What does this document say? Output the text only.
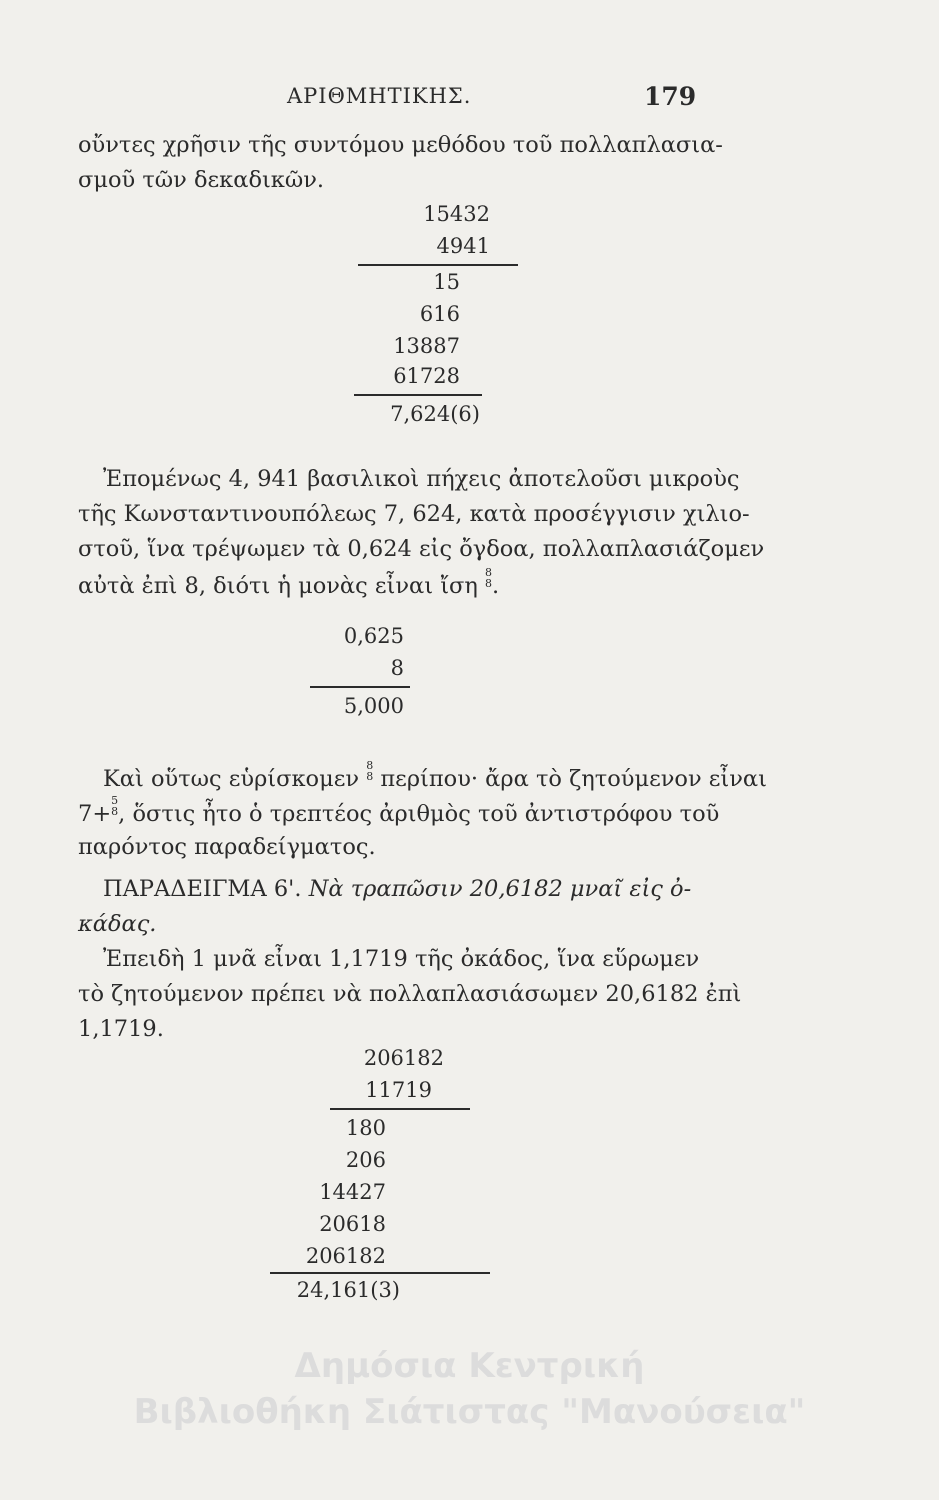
ΑΡΙΘΜΗΤΙΚΗΣ.	179
οὔντες χρῆσιν τῆς συντόμου μεθόδου τοῦ πολλαπλασια-
σμοῦ τῶν δεκαδικῶν.
15432
4941
15
616
13887
61728
7,624(6)
Ἐπομένως 4, 941 βασιλικοὶ πήχεις ἀποτελοῦσι μικροὺς
τῆς Κωνσταντινουπόλεως 7, 624, κατὰ προσέγγισιν χιλιο-
στοῦ, ἵνα τρέψωμεν τὰ 0,624 εἰς ὄγδοα, πολλαπλασιάζομεν
αὐτὰ ἐπὶ 8, διότι ἡ μονὰς εἶναι ἴση 8
8.
0,625
8
5,000
Καὶ οὕτως εὑρίσκομεν 8
8 περίπου· ἄρα τὸ ζητούμενον εἶναι
7+5
8, ὅστις ἦτο ὁ τρεπτέος ἀριθμὸς τοῦ ἀντιστρόφου τοῦ
παρόντος παραδείγματος.
ΠΑΡΑΔΕΙΓΜΑ 6'. Νὰ τραπῶσιν 20,6182 μναῖ εἰς ὀ-
κάδας.
Ἐπειδὴ 1 μνᾶ εἶναι 1,1719 τῆς ὀκάδος, ἵνα εὕρωμεν
τὸ ζητούμενον πρέπει νὰ πολλαπλασιάσωμεν 20,6182 ἐπὶ
1,1719.
206182
11719
180
206
14427
20618
206182
24,161(3)
Δημόσια Κεντρική
Βιβλιοθήκη Σιάτιστας "Μανούσεια"
